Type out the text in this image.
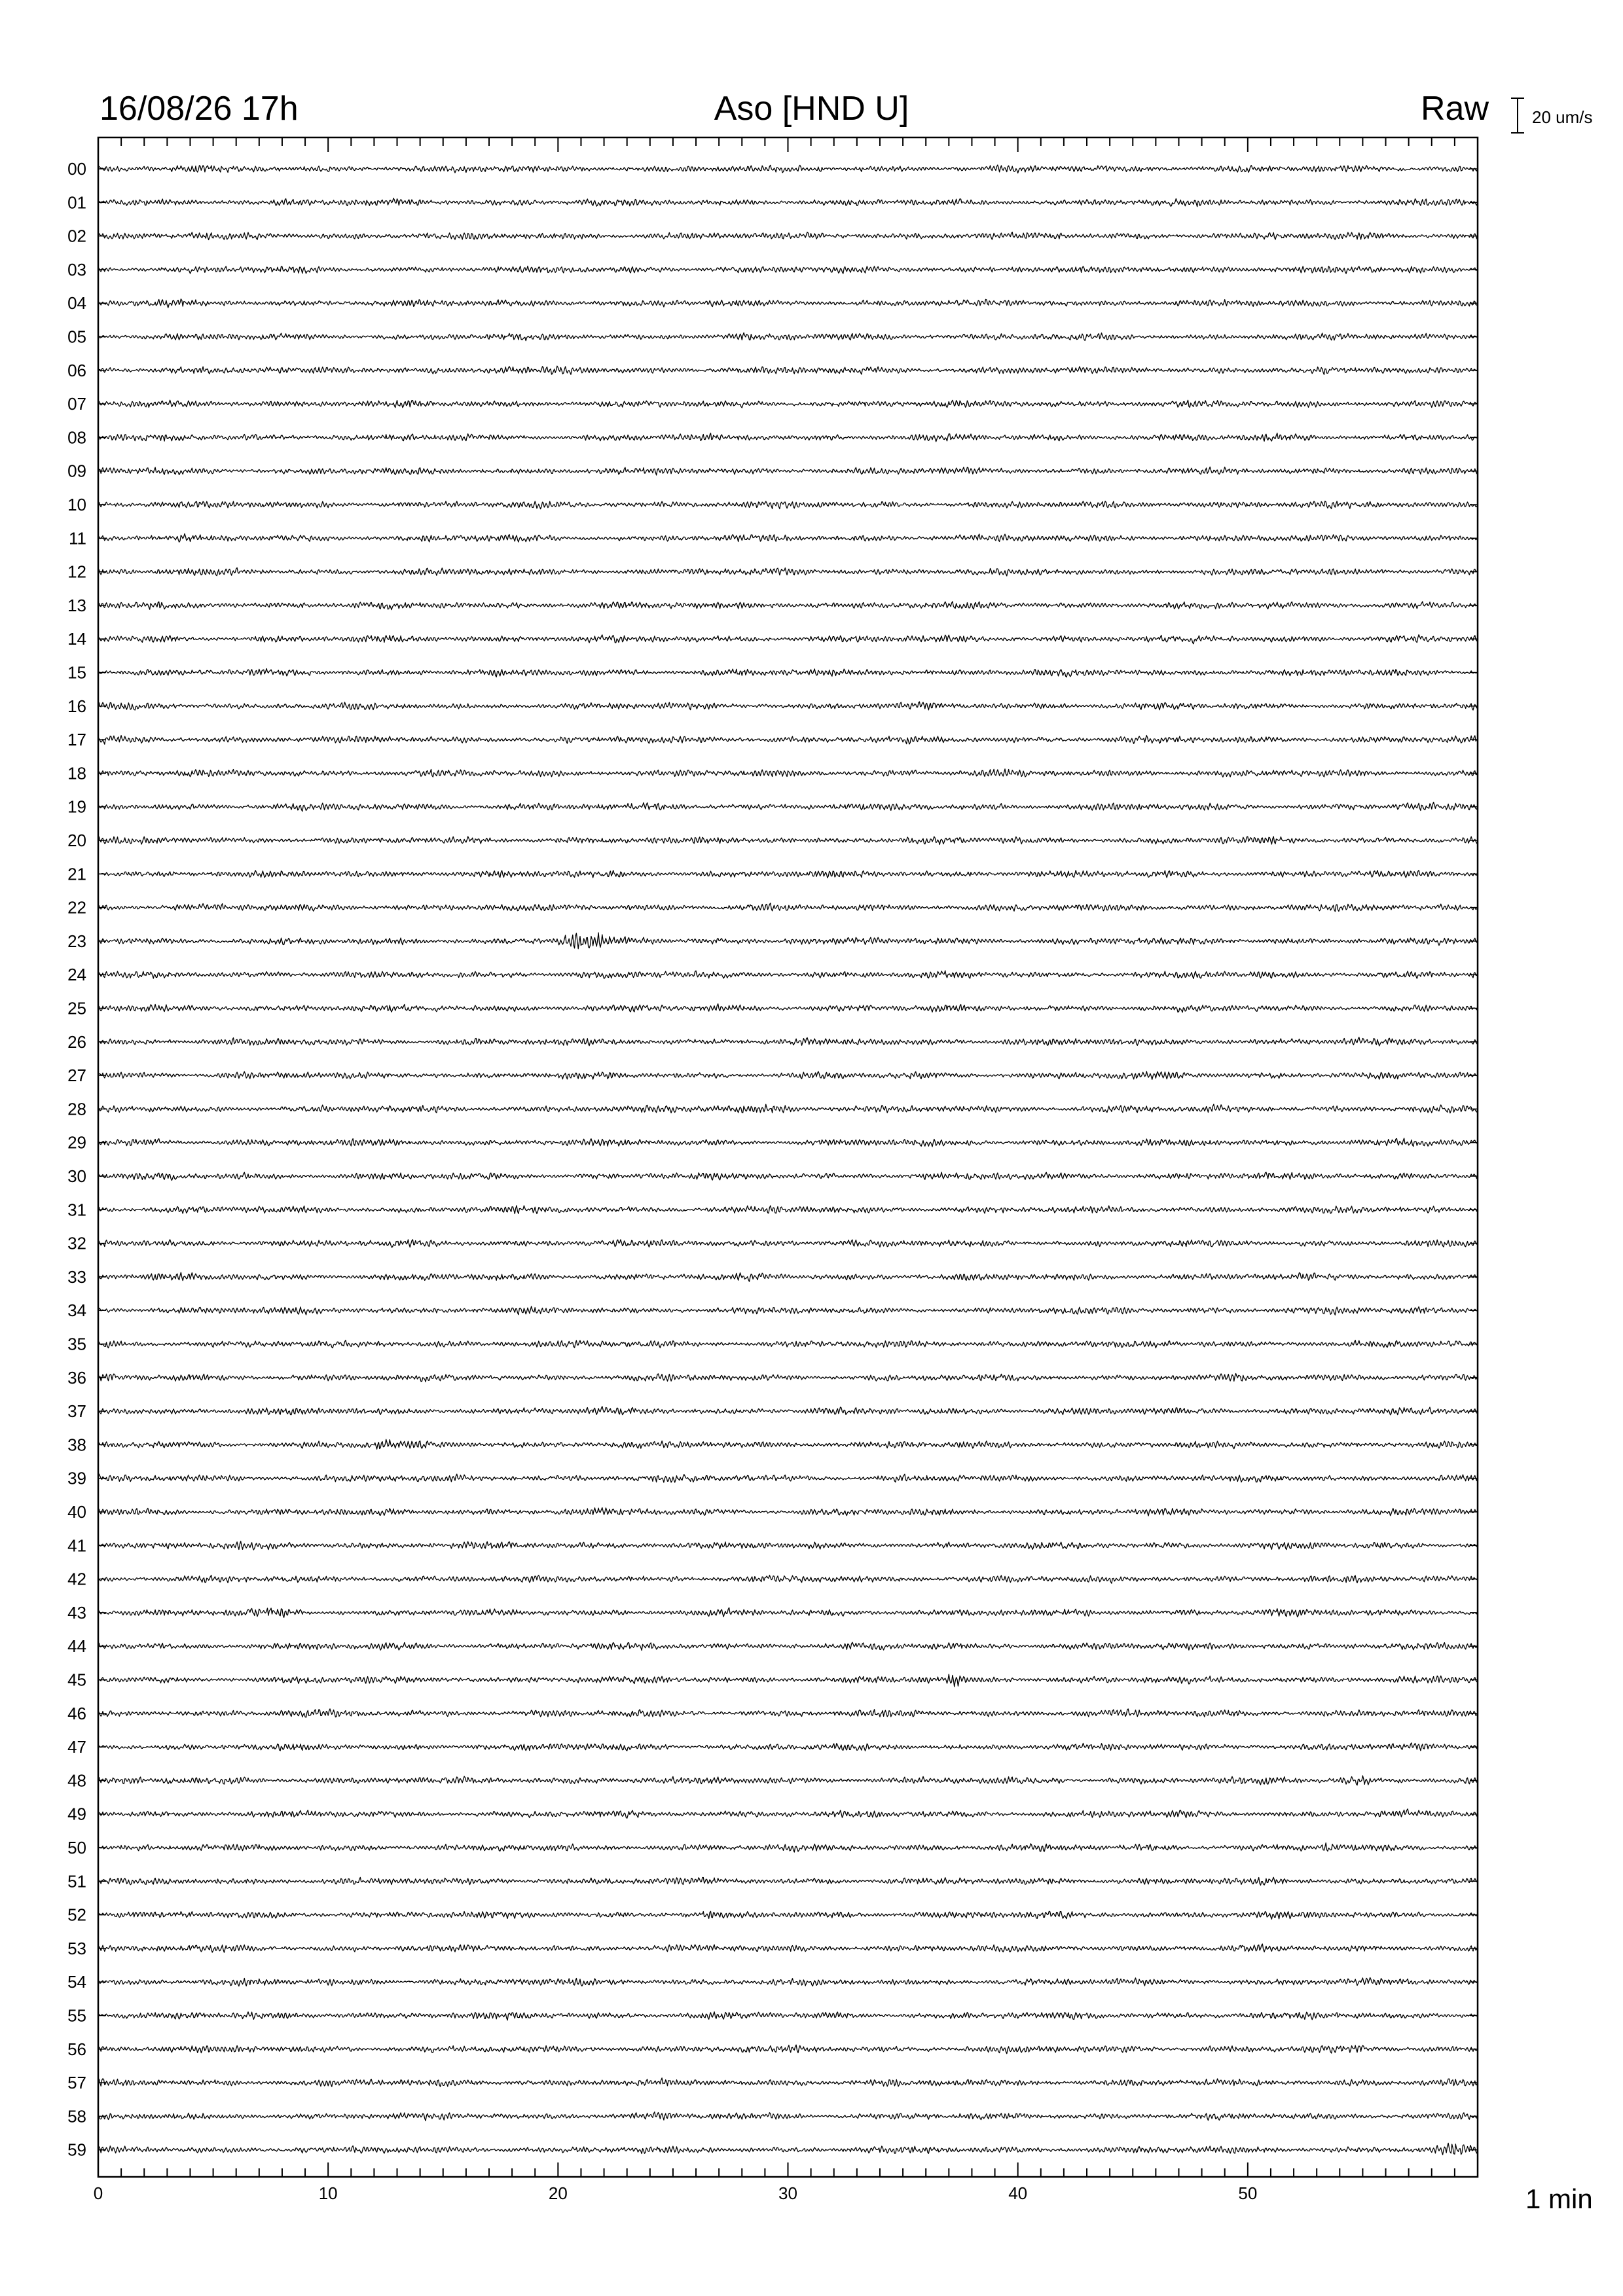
16/08/26 17h	Aso [HND U]	Raw	20 um/s
1 min
0	10	20	30	40	50
00
01
02
03
04
05
06
07
08
09
10
11
12
13
14
15
16
17
18
19
20
21
22
23
24
25
26
27
28
29
30
31
32
33
34
35
36
37
38
39
40
41
42
43
44
45
46
47
48
49
50
51
52
53
54
55
56
57
58
59
